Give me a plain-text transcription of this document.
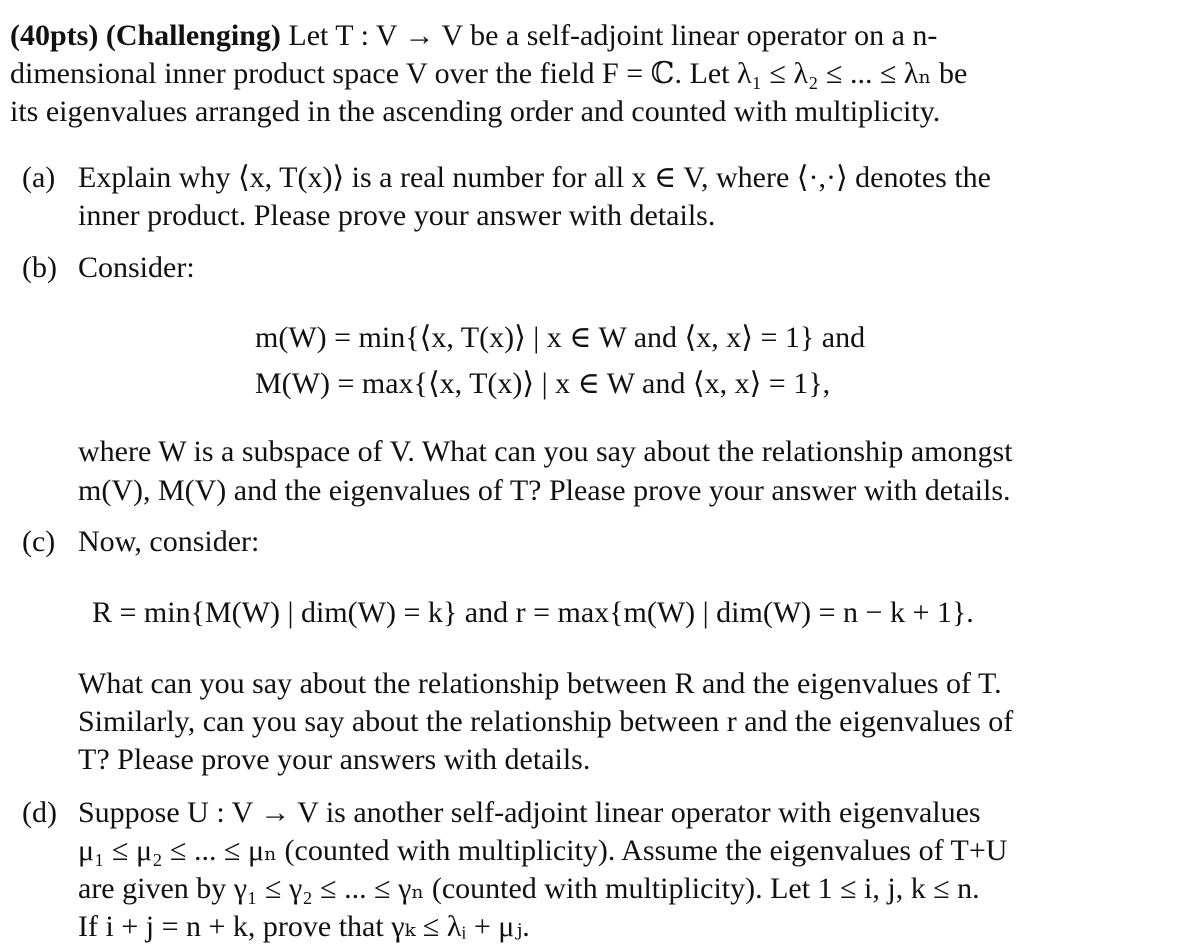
(40pts) (Challenging) Let T : V → V be a self-adjoint linear operator on a n-
dimensional inner product space V over the field F = ℂ. Let λ₁ ≤ λ₂ ≤ ... ≤ λₙ be
its eigenvalues arranged in the ascending order and counted with multiplicity.
(a) Explain why ⟨x, T(x)⟩ is a real number for all x ∈ V, where ⟨·,·⟩ denotes the
inner product. Please prove your answer with details.
(b) Consider:
m(W) = min{⟨x, T(x)⟩ | x ∈ W and ⟨x, x⟩ = 1} and
M(W) = max{⟨x, T(x)⟩ | x ∈ W and ⟨x, x⟩ = 1},
where W is a subspace of V. What can you say about the relationship amongst
m(V), M(V) and the eigenvalues of T? Please prove your answer with details.
(c) Now, consider:
R = min{M(W) | dim(W) = k} and r = max{m(W) | dim(W) = n − k + 1}.
What can you say about the relationship between R and the eigenvalues of T.
Similarly, can you say about the relationship between r and the eigenvalues of
T? Please prove your answers with details.
(d) Suppose U : V → V is another self-adjoint linear operator with eigenvalues
μ₁ ≤ μ₂ ≤ ... ≤ μₙ (counted with multiplicity). Assume the eigenvalues of T+U
are given by γ₁ ≤ γ₂ ≤ ... ≤ γₙ (counted with multiplicity). Let 1 ≤ i, j, k ≤ n.
If i + j = n + k, prove that γₖ ≤ λᵢ + μⱼ.
